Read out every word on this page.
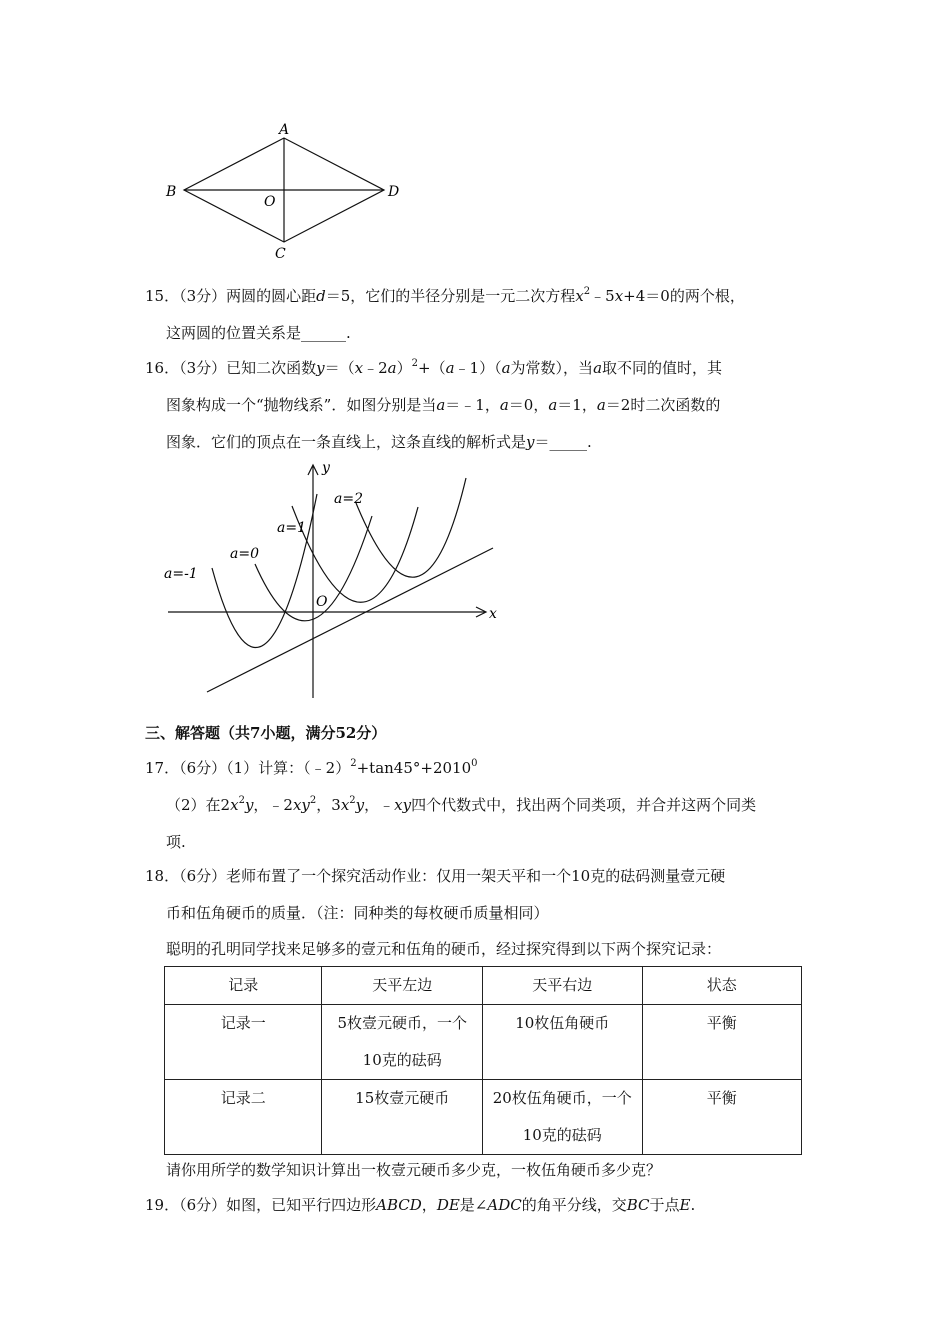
A
B
C
D
O
15．（3分）两圆的圆心距d＝5，它们的半径分别是一元二次方程$x^2﹣5x+4=0$的两个根，
这两圆的位置关系是______.
16．（3分）已知二次函数y＝（x﹣2a）$^2$+（a﹣1）（a为常数），当a取不同的值时，其
图象构成一个“抛物线系”．如图分别是当a＝﹣1，a＝0，a＝1，a＝2时二次函数的
图象．它们的顶点在一条直线上，这条直线的解析式是y＝_____.
y
x
O
a=-1
a=0
a=1
a=2
三、解答题（共7小题，满分52分）
17．（6分）（1）计算：$(﹣2)^2+\tan 45^\circ+2010^0$
（2）在$2x^2y$，$﹣2xy^2$，$3x^2y$，﹣xy四个代数式中，找出两个同类项，并合并这两个同类
项.
18．（6分）老师布置了一个探究活动作业：仅用一架天平和一个10克的砝码测量壹元硬
币和伍角硬币的质量．（注：同种类的每枚硬币质量相同）
聪明的孔明同学找来足够多的壹元和伍角的硬币，经过探究得到以下两个探究记录：
记录	天平左边	天平右边	状态
记录一	5枚壹元硬币，一个
10克的砝码	10枚伍角硬币	平衡
记录二	15枚壹元硬币	20枚伍角硬币，一个
10克的砝码	平衡
请你用所学的数学知识计算出一枚壹元硬币多少克，一枚伍角硬币多少克？
19．（6分）如图，已知平行四边形ABCD，DE是∠ADC的角平分线，交BC于点E.
